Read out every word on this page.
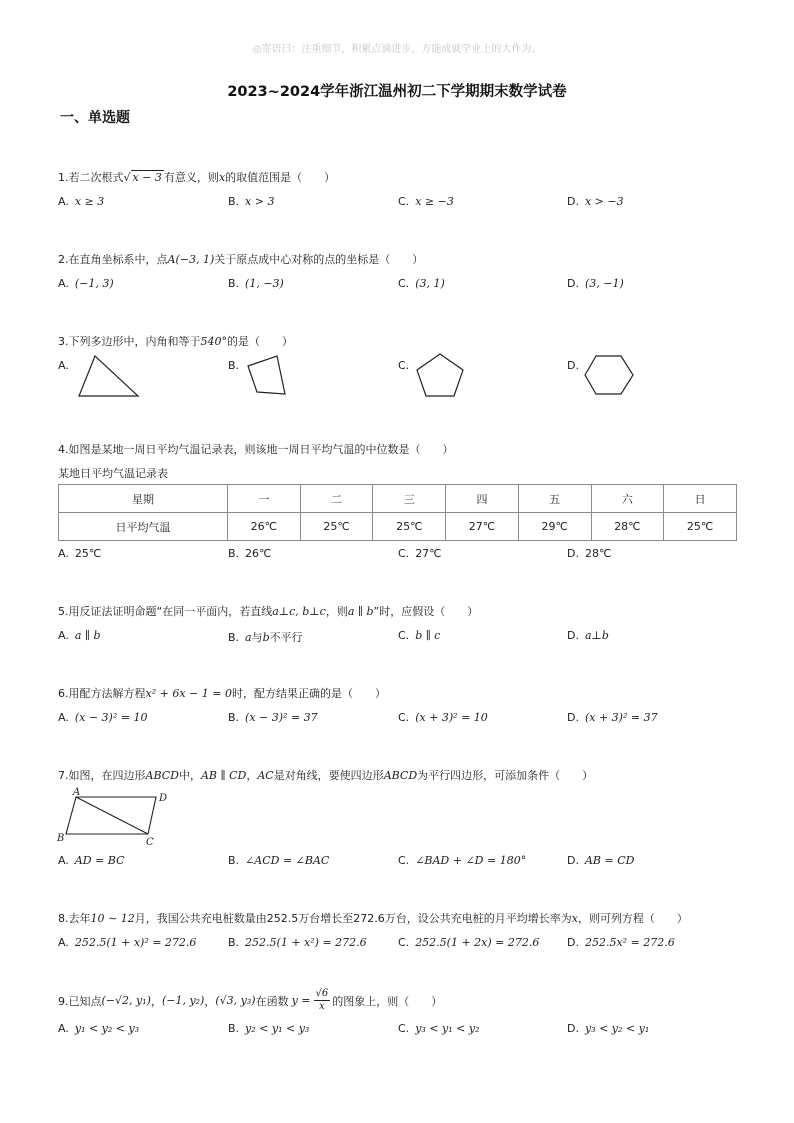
◎寄语曰：注重细节，积累点滴进步，方能成就学业上的大作为。
2023~2024学年浙江温州初二下学期期末数学试卷
一、单选题
1.若二次根式√ x − 3 有意义，则x的取值范围是（　　）
A. x ≥ 3	B. x > 3	C. x ≥ −3	D. x > −3
2.在直角坐标系中，点A(−3, 1)关于原点成中心对称的点的坐标是（　　）
A. (−1, 3)	B. (1, −3)	C. (3, 1)	D. (3, −1)
3.下列多边形中，内角和等于540°的是（　　）
A.	B.	C.	D.
4.如图是某地一周日平均气温记录表，则该地一周日平均气温的中位数是（　　）
某地日平均气温记录表
星期	一	二	三	四	五	六	日
日平均气温	26℃	25℃	25℃	27℃	29℃	28℃	25℃
A. 25℃	B. 26℃	C. 27℃	D. 28℃
5.用反证法证明命题“在同一平面内，若直线a⊥c, b⊥c，则a ∥ b”时，应假设（　　）
A. a ∥ b	B. a与b不平行	C. b ∥ c	D. a⊥b
6.用配方法解方程x² + 6x − 1 = 0时，配方结果正确的是（　　）
A. (x − 3)² = 10	B. (x − 3)² = 37	C. (x + 3)² = 10	D. (x + 3)² = 37
7.如图，在四边形ABCD中，AB ∥ CD，AC是对角线，要使四边形ABCD为平行四边形，可添加条件（　　）
A
D
B	C
A. AD = BC	B. ∠ACD = ∠BAC	C. ∠BAD + ∠D = 180°	D. AB = CD
8.去年10 ∼ 12月，我国公共充电桩数量由252.5万台增长至272.6万台，设公共充电桩的月平均增长率为x，则可列方程（　　）
A. 252.5(1 + x)² = 272.6	B. 252.5(1 + x²) = 272.6	C. 252.5(1 + 2x) = 272.6	D. 252.5x² = 272.6
9.已知点 (−√2, y₁) ， (−1, y₂) ， (√3, y₃) 在函数 $y = \frac{√6}{x}$ 的图象上，则（　　）
A. y₁ < y₂ < y₃	B. y₂ < y₁ < y₃	C. y₃ < y₁ < y₂	D. y₃ < y₂ < y₁
